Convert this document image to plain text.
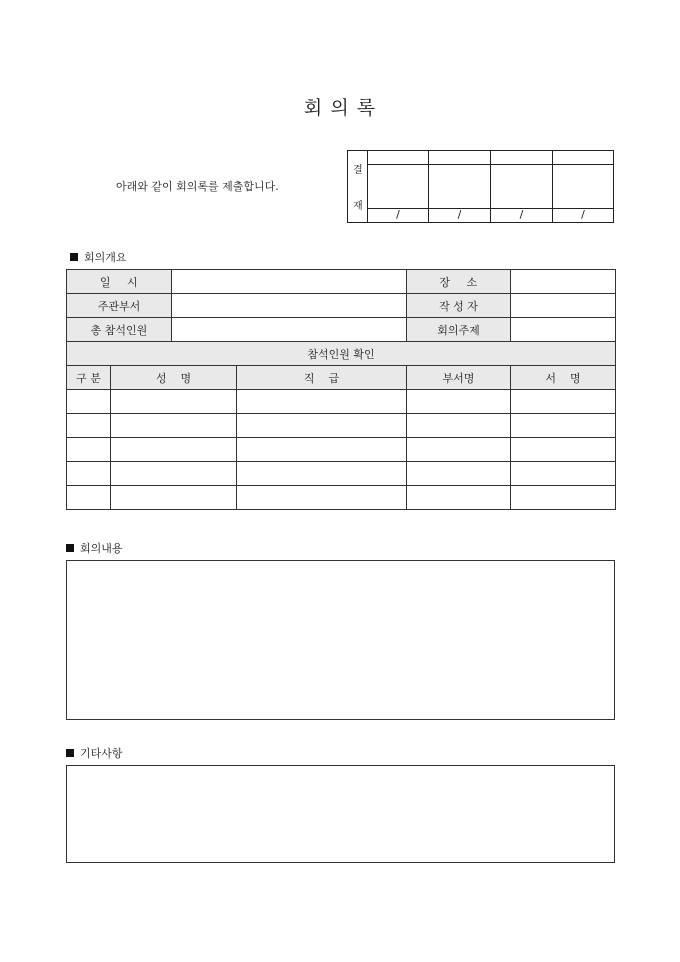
회 의 록
아래와 같이 회의록를 제출합니다.
결
재
/	/	/	/
회의개요
일    시				장    소	
주관부서				작 성 자	
총 참석인원				회의주제	
참석인원 확인					
구 분	성    명		직    급	부서명	서    명

회의내용
기타사항
